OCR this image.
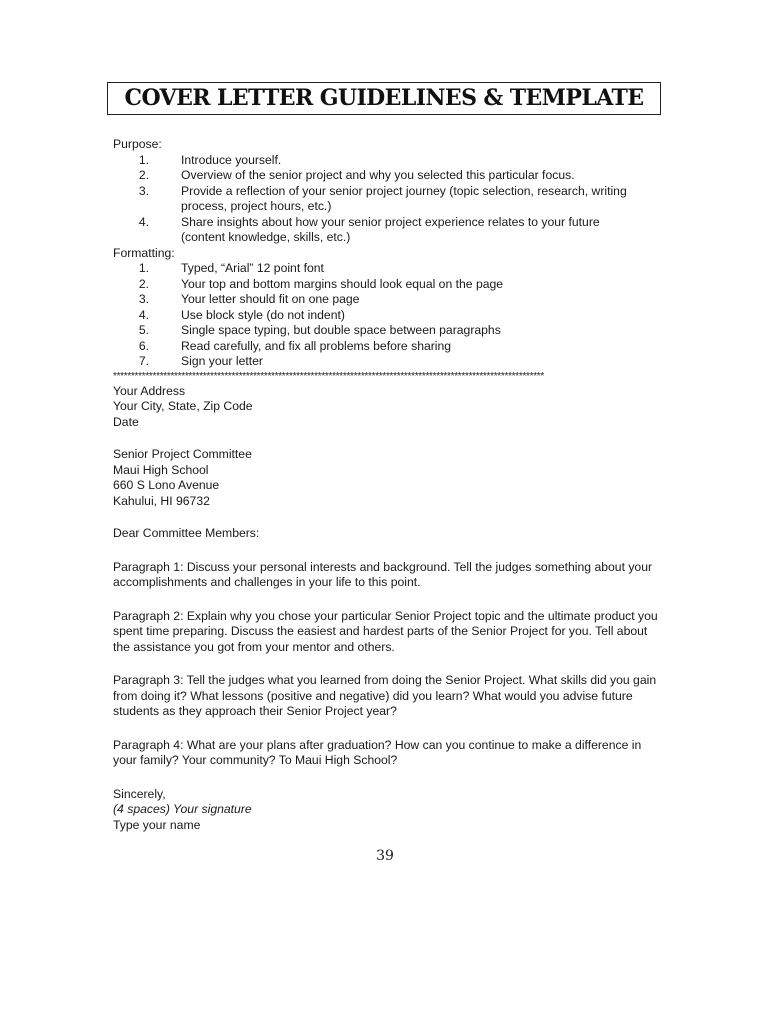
COVER LETTER GUIDELINES & TEMPLATE

Purpose:

1.	Introduce yourself.
2.	Overview of the senior project and why you selected this particular focus.
3.	Provide a reflection of your senior project journey (topic selection, research, writing process, project hours, etc.)
4.	Share insights about how your senior project experience relates to your future (content knowledge, skills, etc.)

Formatting:

1.	Typed, “Arial” 12 point font
2.	Your top and bottom margins should look equal on the page
3.	Your letter should fit on one page
4.	Use block style (do not indent)
5.	Single space typing, but double space between paragraphs
6.	Read carefully, and fix all problems before sharing
7.	Sign your letter
************************************************************************************************************************

Your Address

Your City, State, Zip Code

Date

Senior Project Committee

Maui High School

660 S Lono Avenue

Kahului, HI 96732

Dear Committee Members:

Paragraph 1: Discuss your personal interests and background. Tell the judges something about your accomplishments and challenges in your life to this point.

Paragraph 2: Explain why you chose your particular Senior Project topic and the ultimate product you spent time preparing. Discuss the easiest and hardest parts of the Senior Project for you. Tell about the assistance you got from your mentor and others.

Paragraph 3: Tell the judges what you learned from doing the Senior Project. What skills did you gain from doing it? What lessons (positive and negative) did you learn? What would you advise future students as they approach their Senior Project year?

Paragraph 4: What are your plans after graduation? How can you continue to make a difference in your family? Your community? To Maui High School?

Sincerely,

(4 spaces) Your signature

Type your name

39
